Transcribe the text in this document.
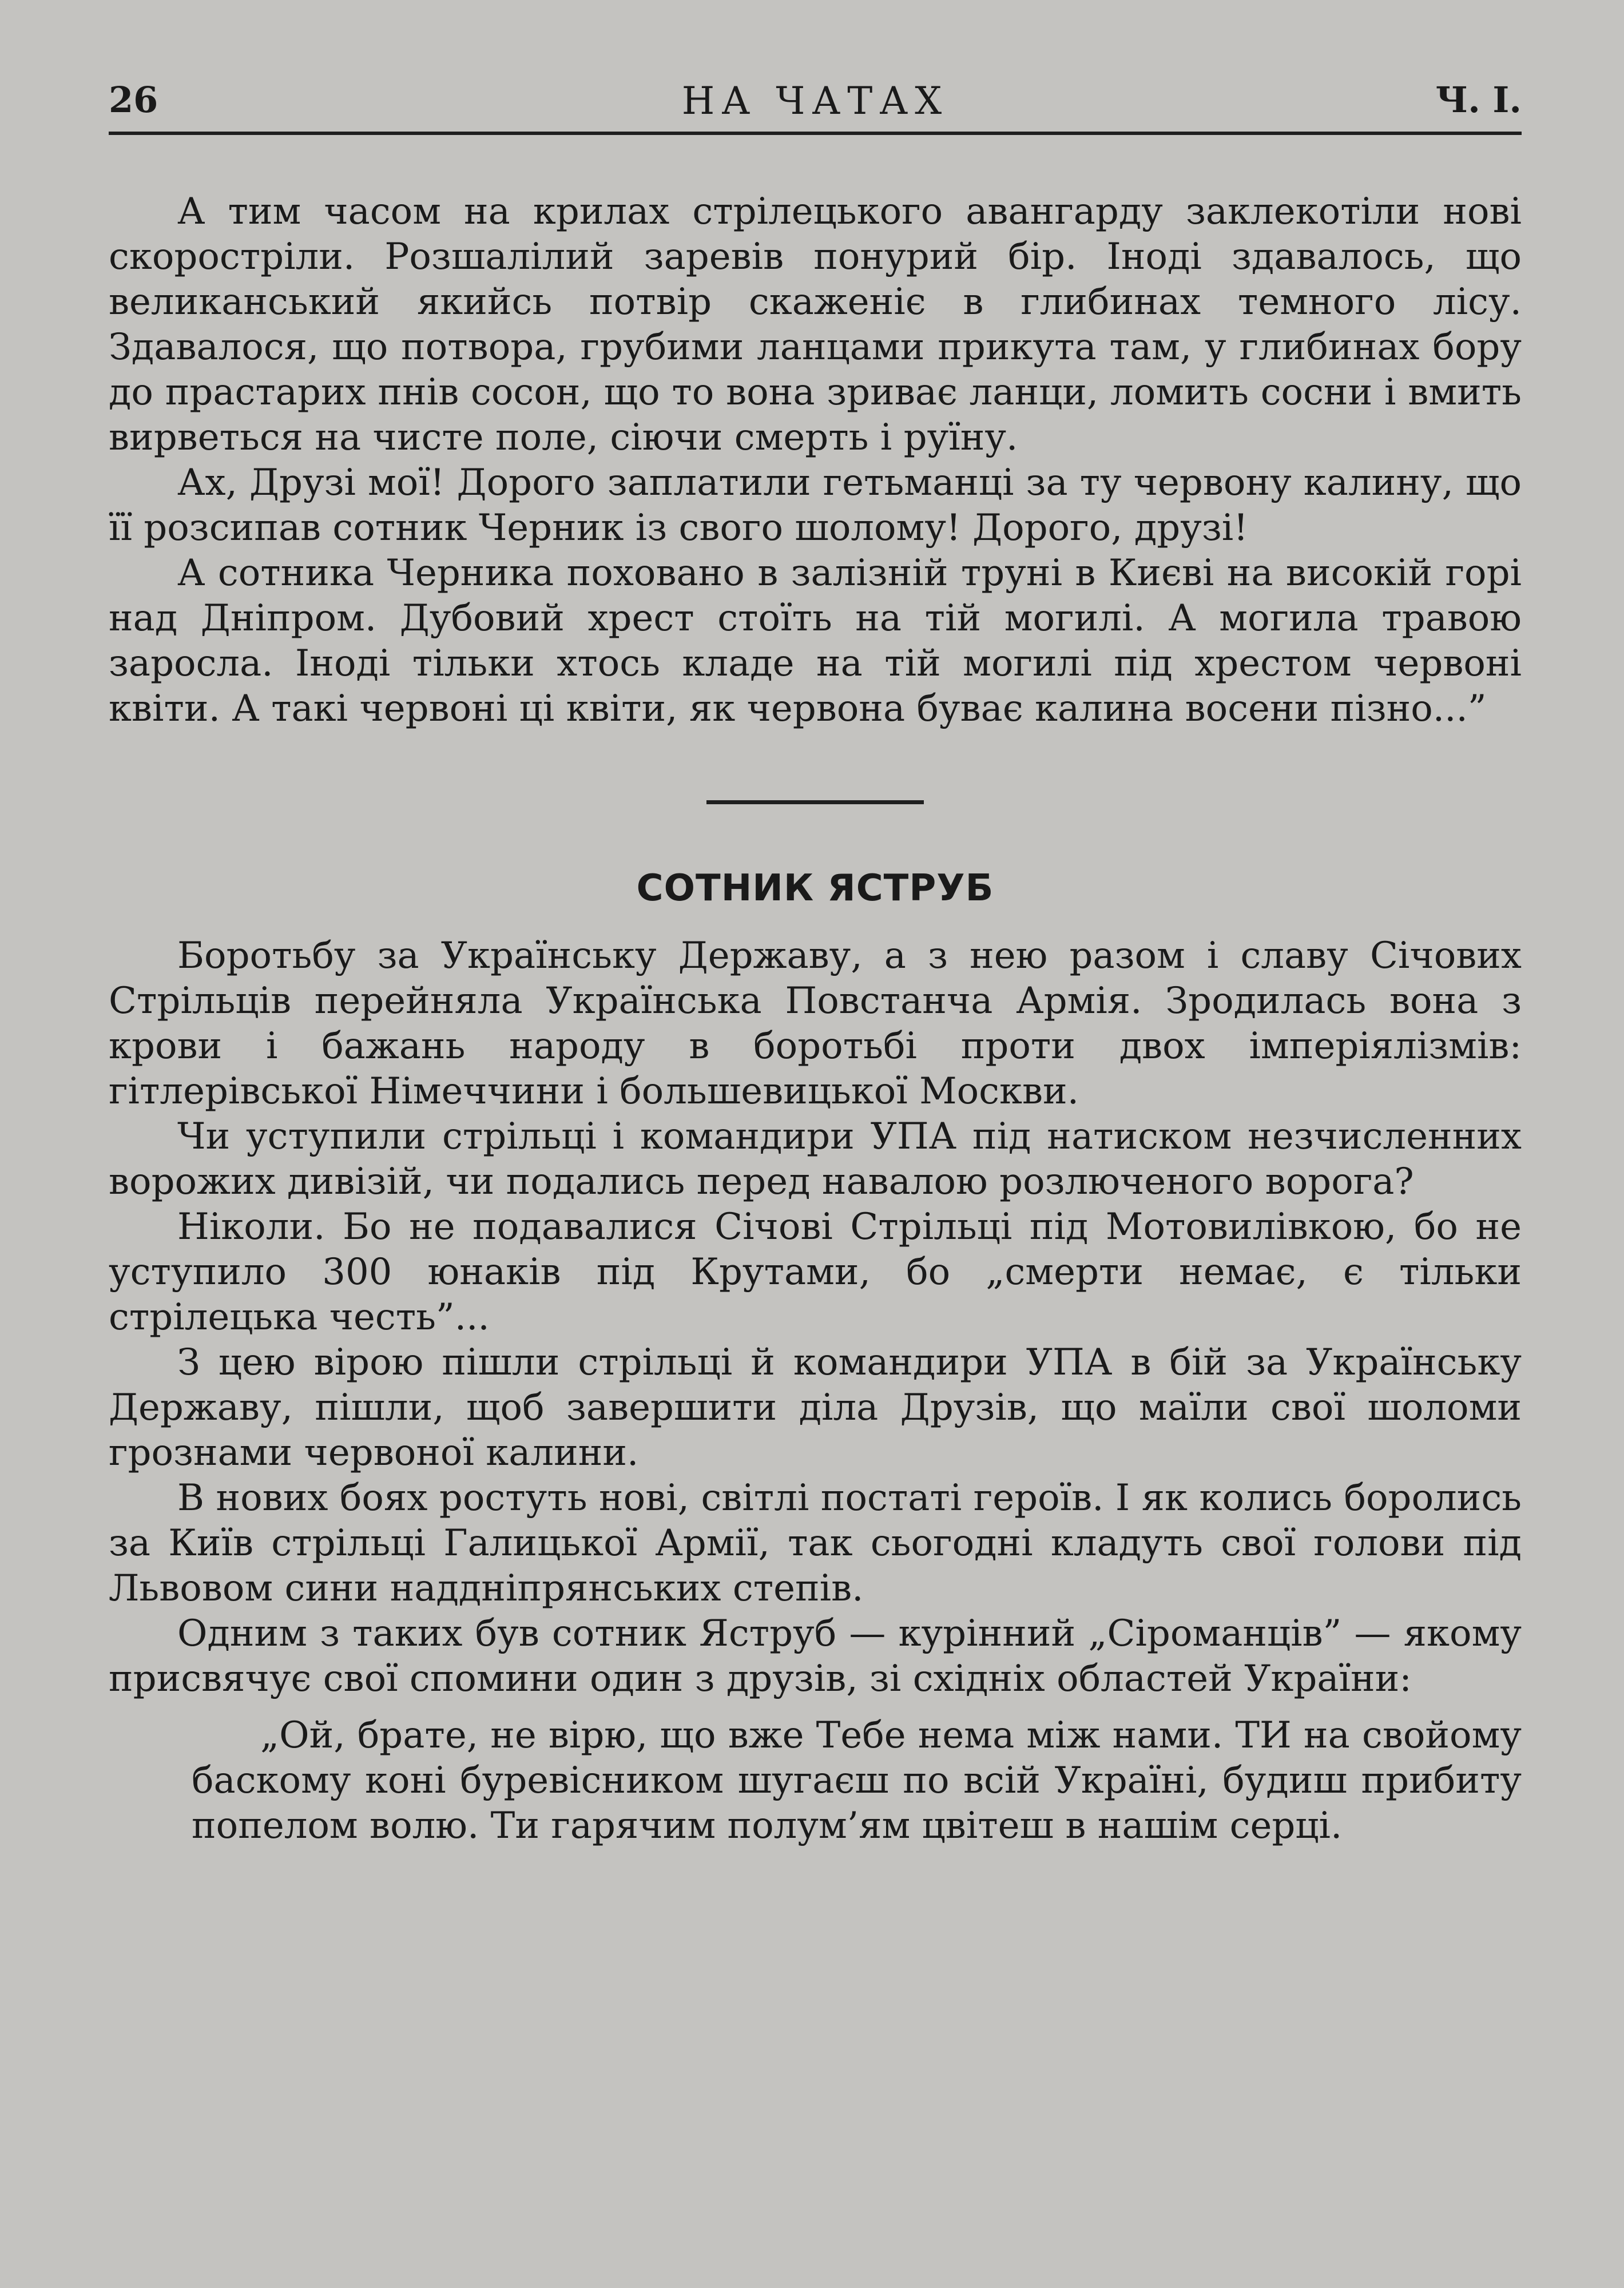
26	НА ЧАТАХ	Ч. І.

А тим часом на крилах стрілецького авангарду заклекотіли нові скоростріли. Розшалілий заревів понурий бір. Іноді здавалось, що великанський якийсь потвір скаженіє в глибинах темного лісу. Здавалося, що потвора, грубими ланцами прикута там, у глибинах бору до прастарих пнів сосон, що то вона зриває ланци, ломить сосни і вмить вирветься на чисте поле, сіючи смерть і руїну.

Ах, Друзі мої! Дорого заплатили гетьманці за ту червону калину, що її розсипав сотник Черник із свого шолому! Дорого, друзі!

А сотника Черника поховано в залізній труні в Києві на високій горі над Дніпром. Дубовий хрест стоїть на тій могилі. А могила травою заросла. Іноді тільки хтось кладе на тій могилі під хрестом червоні квіти. А такі червоні ці квіти, як червона буває калина восени пізно...”

СОТНИК ЯСТРУБ

Боротьбу за Українську Державу, а з нею разом і славу Січових Стрільців перейняла Українська Повстанча Армія. Зродилась вона з крови і бажань народу в боротьбі проти двох імперіялізмів: гітлерівської Німеччини і большевицької Москви.

Чи уступили стрільці і командири УПА під натиском незчисленних ворожих дивізій, чи подались перед навалою розлюченого ворога?

Ніколи. Бо не подавалися Січові Стрільці під Мотовилівкою, бо не уступило 300 юнаків під Крутами, бо „смерти немає, є тільки стрілецька честь”...

З цею вірою пішли стрільці й командири УПА в бій за Українську Державу, пішли, щоб завершити діла Друзів, що маїли свої шоломи грознами червоної калини.

В нових боях ростуть нові, світлі постаті героїв. І як колись боролись за Київ стрільці Галицької Армії, так сьогодні кладуть свої голови під Львовом сини наддніпрянських степів.

Одним з таких був сотник Яструб — курінний „Сіроманців” — якому присвячує свої спомини один з друзів, зі східніх областей України:

„Ой, брате, не вірю, що вже Тебе нема між нами. ТИ на свойому баскому коні буревісником шугаєш по всій Україні, будиш прибиту попелом волю. Ти гарячим полум’ям цвітеш в нашім серці.
